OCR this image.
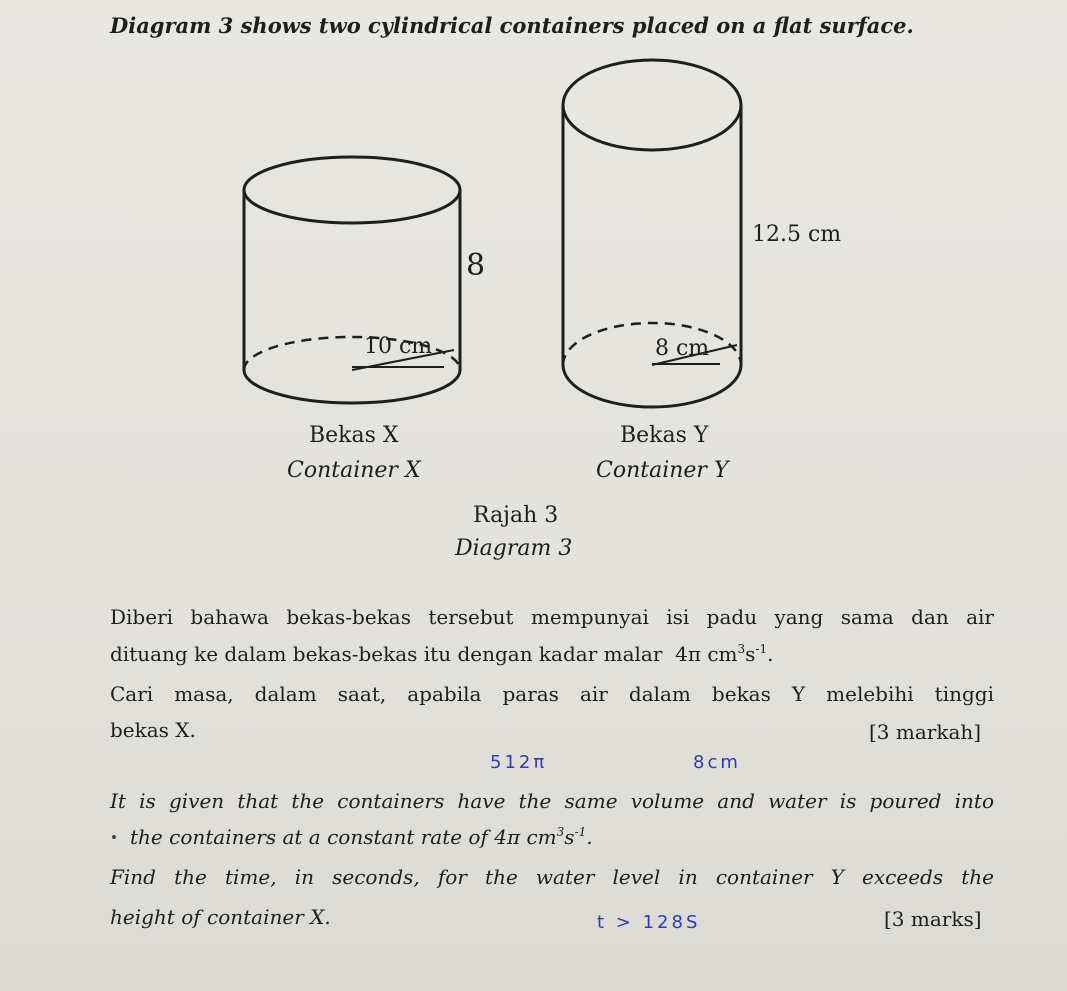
Diagram 3 shows two cylindrical containers placed on a flat surface.
8
10 cm
12.5 cm
8 cm
Bekas X
Container X
Bekas Y
Container Y
Rajah 3
Diagram 3
Diberi bahawa bekas-bekas tersebut mempunyai isi padu yang sama dan air
dituang ke dalam bekas-bekas itu dengan kadar malar 4π $cm^3s^{-1}$.
Cari masa, dalam saat, apabila paras air dalam bekas Y melebihi tinggi
bekas X.	[3 markah]
512π	8cm
It is given that the containers have the same volume and water is poured into
the containers at a constant rate of 4π $cm^3s^{-1}$.
Find the time, in seconds, for the water level in container Y exceeds the
height of container X.	[3 marks]
t > 128S
